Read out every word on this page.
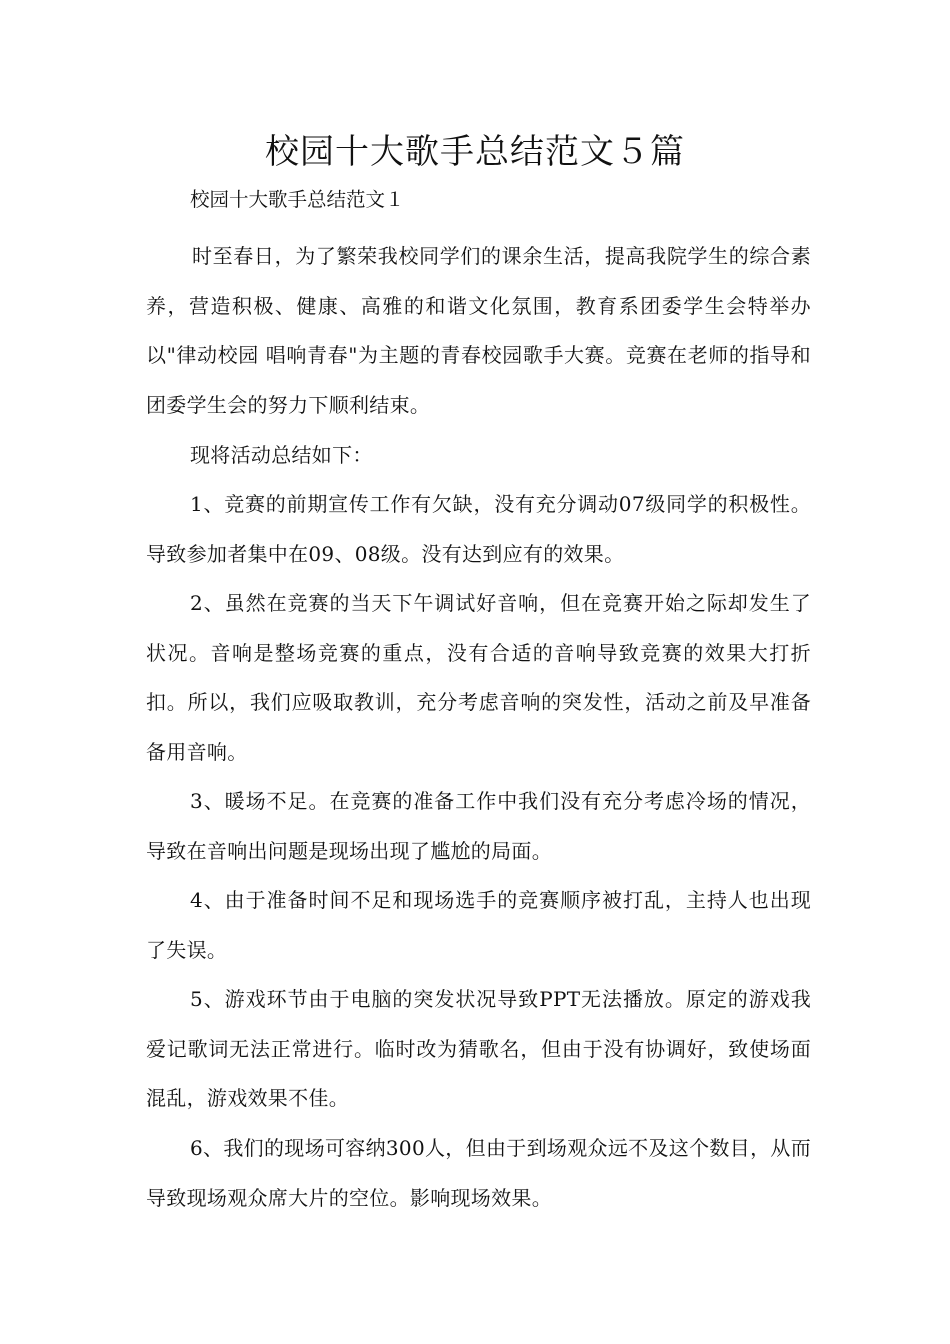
校园十大歌手总结范文５篇
校园十大歌手总结范文１

时至春日，为了繁荣我校同学们的课余生活，提高我院学生的综合素养，营造积极、健康、高雅的和谐文化氛围，教育系团委学生会特举办以"律动校园 唱响青春"为主题的青春校园歌手大赛。竞赛在老师的指导和团委学生会的努力下顺利结束。

现将活动总结如下：

1、竞赛的前期宣传工作有欠缺，没有充分调动07级同学的积极性。导致参加者集中在09、08级。没有达到应有的效果。

2、虽然在竞赛的当天下午调试好音响，但在竞赛开始之际却发生了状况。音响是整场竞赛的重点，没有合适的音响导致竞赛的效果大打折扣。所以，我们应吸取教训，充分考虑音响的突发性，活动之前及早准备备用音响。

3、暖场不足。在竞赛的准备工作中我们没有充分考虑冷场的情况，导致在音响出问题是现场出现了尴尬的局面。

4、由于准备时间不足和现场选手的竞赛顺序被打乱，主持人也出现了失误。

5、游戏环节由于电脑的突发状况导致PPT无法播放。原定的游戏我爱记歌词无法正常进行。临时改为猜歌名，但由于没有协调好，致使场面混乱，游戏效果不佳。

6、我们的现场可容纳300人，但由于到场观众远不及这个数目，从而导致现场观众席大片的空位。影响现场效果。
